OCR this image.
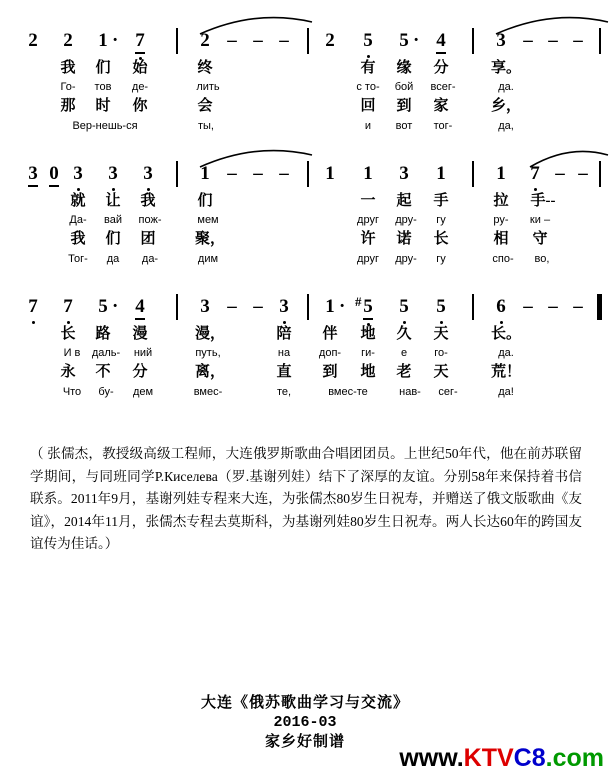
2 2 1 · 7	2 – – – 2 5 5 · 4	3 – – –
我 们 始	终	有 缘 分	享。
Го- тов де-	лить	с то- бой всег-	да.
那 时 你	会	回 到 家	乡，
Вер-нешь-ся	ты,	и вот тог-	да,
3 0 3 3 3	1 – – – 1 1 3 1	1 7 – –
就 让 我	们	一 起 手	拉 手--
Да- вай пож-	мем	друг дру- гу	ру- ки –
我 们 团	聚，	许 诺 长	相 守
Тог- да да-	дим	друг дру- гу	спо- во,
7 7 5 · 4	3	3
– –	1 · 5
# 5 5	6 – – –
长 路 漫	漫，	陪 伴 地 久 天	长。
И в даль- ний	путь,	на	доп- ги- е го-	да.
永 不 分	离，	直 到 地 老 天	荒！
Что бу- дем	вмес-	те,	вмес-те	нав- сег-	да!

（ 张儒杰，教授级高级工程师，大连俄罗斯歌曲合唱团团员。上世纪50年代，他在前苏联留学期间，与同班同学Р.Киселева（罗.基谢列娃）结下了深厚的友谊。分别58年来保持着书信联系。2011年9月，基谢列娃专程来大连，为张儒杰80岁生日祝寿，并赠送了俄文版歌曲《友谊》，2014年11月，张儒杰专程去莫斯科，为基谢列娃80岁生日祝寿。两人长达60年的跨国友谊传为佳话。）

大连《俄苏歌曲学习与交流》
2016-03
家乡好制谱
www.KTVC8.com
